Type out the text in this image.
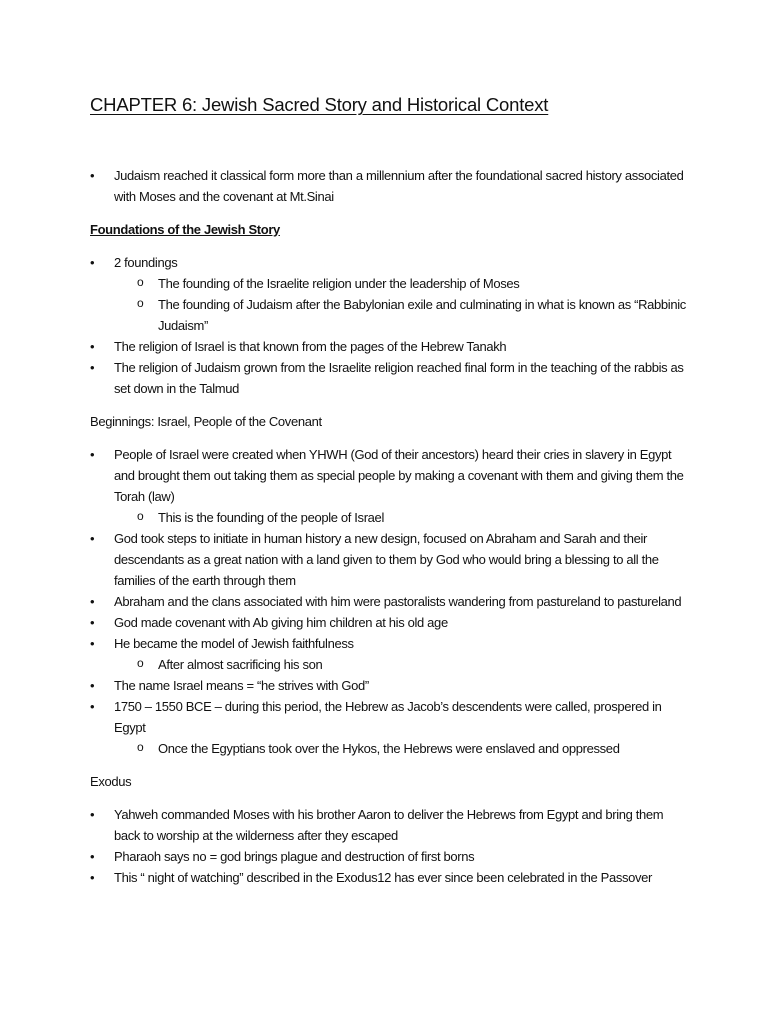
CHAPTER 6: Jewish Sacred Story and Historical Context
• Judaism reached it classical form more than a millennium after the foundational sacred history associated with Moses and the covenant at Mt.Sinai
Foundations of the Jewish Story
• 2 foundings
o The founding of the Israelite religion under the leadership of Moses
o The founding of Judaism after the Babylonian exile and culminating in what is known as “Rabbinic Judaism”
• The religion of Israel is that known from the pages of the Hebrew Tanakh
• The religion of Judaism grown from the Israelite religion reached final form in the teaching of the rabbis as set down in the Talmud
Beginnings: Israel, People of the Covenant
• People of Israel were created when YHWH (God of their ancestors) heard their cries in slavery in Egypt and brought them out taking them as special people by making a covenant with them and giving them the Torah (law)
o This is the founding of the people of Israel
• God took steps to initiate in human history a new design, focused on Abraham and Sarah and their descendants as a great nation with a land given to them by God who would bring a blessing to all the families of the earth through them
• Abraham and the clans associated with him were pastoralists wandering from pastureland to pastureland
• God made covenant with Ab giving him children at his old age
• He became the model of Jewish faithfulness
o After almost sacrificing his son
• The name Israel means = “he strives with God”
• 1750 – 1550 BCE – during this period, the Hebrew as Jacob’s descendents were called, prospered in Egypt
o Once the Egyptians took over the Hykos, the Hebrews were enslaved and oppressed
Exodus
• Yahweh commanded Moses with his brother Aaron to deliver the Hebrews from Egypt and bring them back to worship at the wilderness after they escaped
• Pharaoh says no = god brings plague and destruction of first borns
• This “ night of watching” described in the Exodus12 has ever since been celebrated in the Passover
